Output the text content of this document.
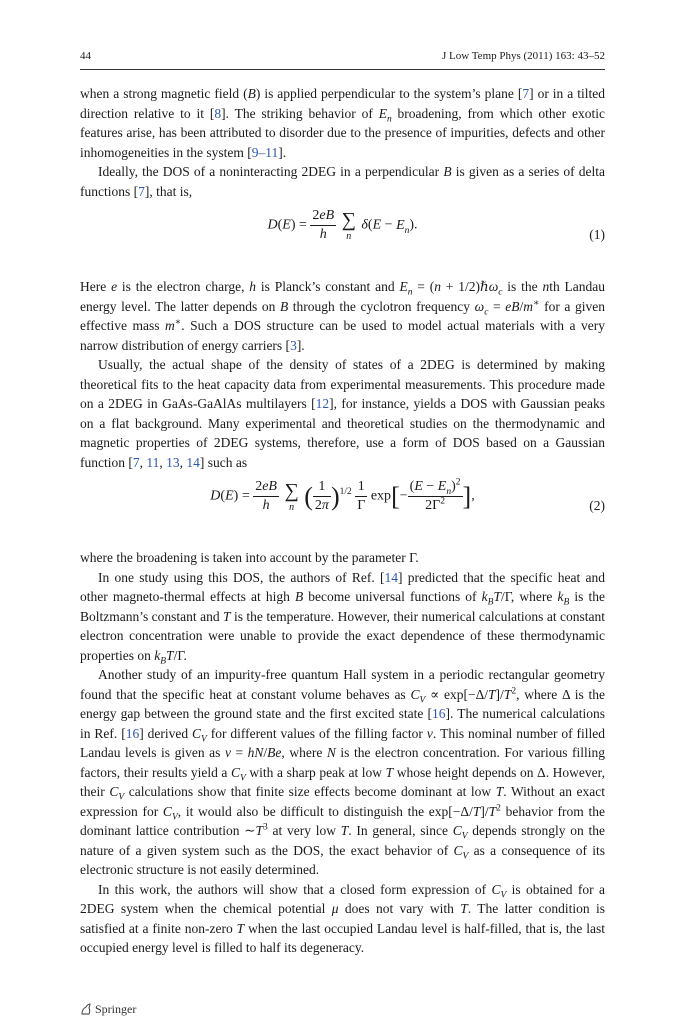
44	J Low Temp Phys (2011) 163: 43–52

when a strong magnetic field (B) is applied perpendicular to the system’s plane [7] or in a tilted direction relative to it [8]. The striking behavior of $E_n$ broadening, from which other exotic features arise, has been attributed to disorder due to the presence of impurities, defects and other inhomogeneities in the system [9–11].

Ideally, the DOS of a noninteracting 2DEG in a perpendicular B is given as a series of delta functions [7], that is,

$D(E) = \frac{2eB}{h}$ ∑
n
$\delta(E - E_n)$.
(1)

Here e is the electron charge, h is Planck’s constant and $E_n = (n$ + 1/2)ℏω$_c$ is the nth Landau energy level. The latter depends on B through the cyclotron frequency $\omega_c = eB/m^∗$ for a given effective mass m∗. Such a DOS structure can be used to model actual materials with a very narrow distribution of energy carriers [3].

Usually, the actual shape of the density of states of a 2DEG is determined by making theoretical fits to the heat capacity data from experimental measurements. This procedure made on a 2DEG in GaAs-GaAlAs multilayers [12], for instance, yields a DOS with Gaussian peaks on a flat background. Many experimental and theoretical studies on the thermodynamic and magnetic properties of 2DEG systems, therefore, use a form of DOS based on a Gaussian function [7, 11, 13, 14] such as

$D(E) = \frac{2eB}{h}$ ∑
n ( $\frac{1}{2\pi} )^{1/2} \frac{1}{\Gamma} \exp[- \frac{(E - E_n)^2}{2\Gamma^2}$ ],
(2)

where the broadening is taken into account by the parameter Γ.

In one study using this DOS, the authors of Ref. [14] predicted that the specific heat and other magneto-thermal effects at high B become universal functions of $k_BT/\Gamma$, where $k_B$ is the Boltzmann’s constant and T is the temperature. However, their numerical calculations at constant electron concentration were unable to provide the exact dependence of these thermodynamic properties on $k_BT/\Gamma$.

Another study of an impurity-free quantum Hall system in a periodic rectangular geometry found that the specific heat at constant volume behaves as $C_V \propto \exp[-\Delta/T]/T^2$, where Δ is the energy gap between the ground state and the first excited state [16]. The numerical calculations in Ref. [16] derived $C_V$ for different values of the filling factor ν. This nominal number of filled Landau levels is given as ν = hN/Be, where N is the electron concentration. For various filling factors, their results yield a $C_V$ with a sharp peak at low T whose height depends on Δ. However, their $C_V$ calculations show that finite size effects become dominant at low T. Without an exact expression for $C_V$, it would also be difficult to distinguish the $\exp[-\Delta/T]/T^2$ behavior from the dominant lattice contribution $\sim T^3$ at very low T. In general, since $C_V$ depends strongly on the nature of a given system such as the DOS, the exact behavior of $C_V$ as a consequence of its electronic structure is not easily determined.

In this work, the authors will show that a closed form expression of $C_V$ is obtained for a 2DEG system when the chemical potential μ does not vary with T. The latter condition is satisfied at a finite non-zero T when the last occupied Landau level is half-filled, that is, the last occupied energy level is filled to half its degeneracy.

Springer
